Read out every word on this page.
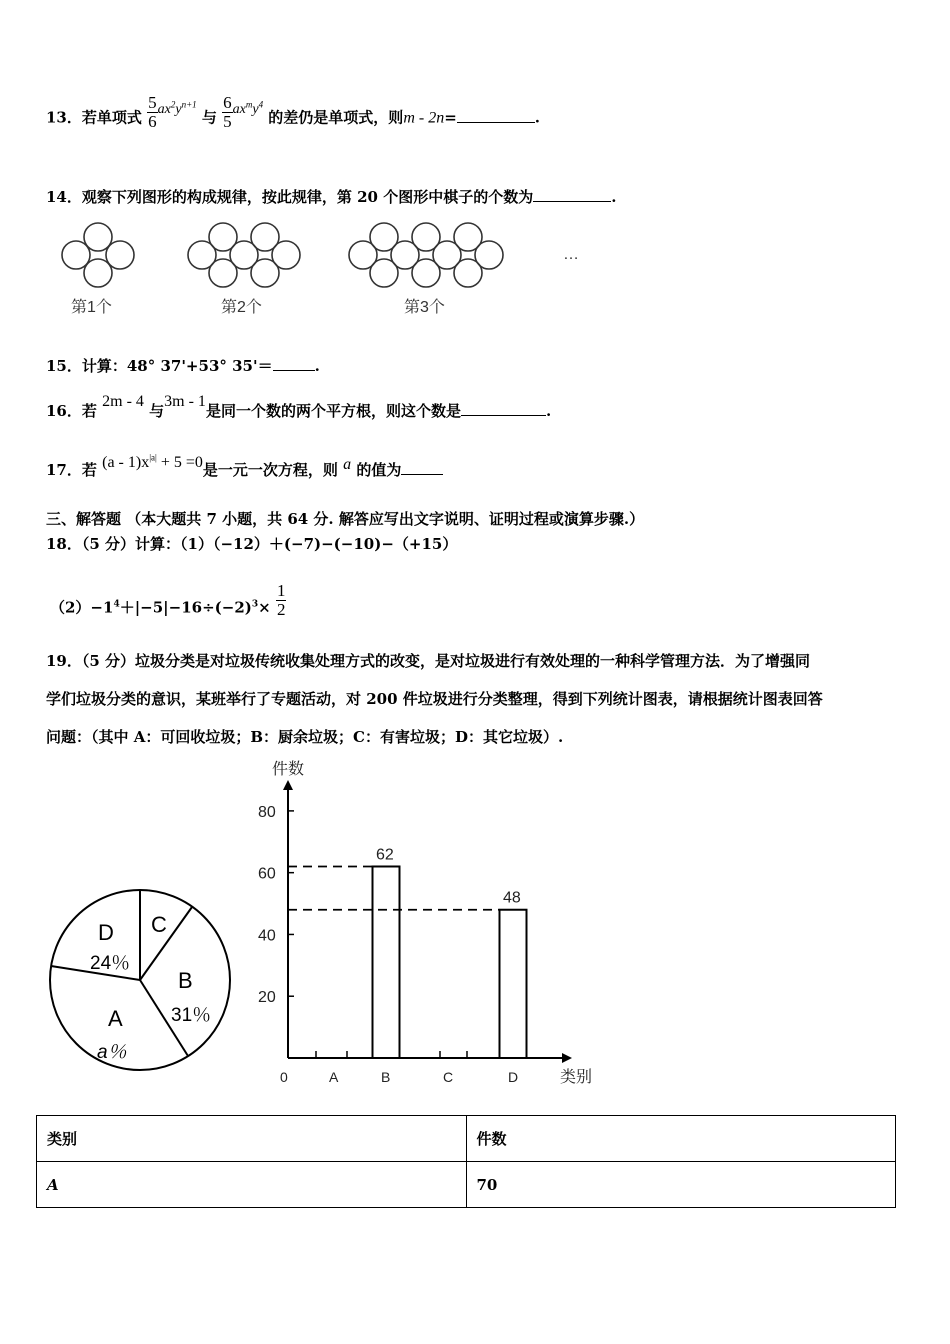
13．若单项式 $\frac{5}{6} ax^2y^{n+1}$ 与 $\frac{6}{5} ax^my^4$ 的差仍是单项式，则m - 2n=	.
14．观察下列图形的构成规律，按此规律，第 20 个图形中棋子的个数为	.
…
第1个	第2个	第3个
15．计算：48° 37'+53° 35'＝	.
16．若 2m - 4 与3m - 1是同一个数的两个平方根，则这个数是	.
17．若 $(a - 1)x^{|a|} + 5 =0$是一元一次方程，则 a 的值为
三、解答题 （本大题共 7 小题，共 64 分. 解答应写出文字说明、证明过程或演算步骤.）
18．（5 分）计算：（1）（−12）＋(−7)−(−10)−（+15）
$(2)-1^4+|-5|-16\div(-2)^3\times \frac{1}{2}$
19．（5 分）垃圾分类是对垃圾传统收集处理方式的改变，是对垃圾进行有效处理的一种科学管理方法．为了增强同
学们垃圾分类的意识，某班举行了专题活动，对 200 件垃圾进行分类整理，得到下列统计图表，请根据统计图表回答
问题：（其中 A：可回收垃圾；B：厨余垃圾；C：有害垃圾；D：其它垃圾）.
D
24％
C
B
31％
A
a％
件数
类别
0
20
40
60
80
A	B
62
C	D
48
类别	件数
A	70
